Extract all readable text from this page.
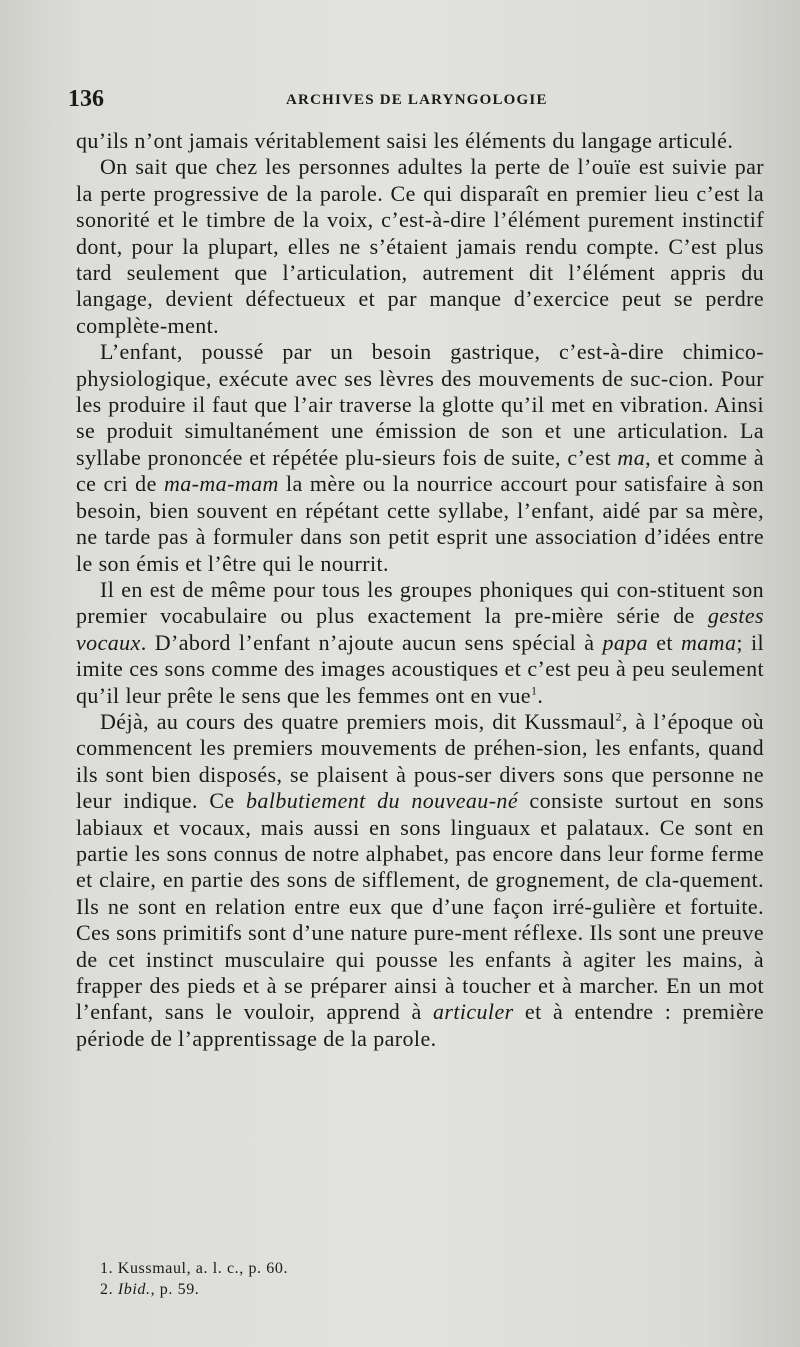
136	ARCHIVES DE LARYNGOLOGIE

qu’ils n’ont jamais véritablement saisi les éléments du langage articulé.

On sait que chez les personnes adultes la perte de l’ouïe est suivie par la perte progressive de la parole. Ce qui disparaît en premier lieu c’est la sonorité et le timbre de la voix, c’est-à-dire l’élément purement instinctif dont, pour la plupart, elles ne s’étaient jamais rendu compte. C’est plus tard seulement que l’articulation, autrement dit l’élément appris du langage, devient défectueux et par manque d’exercice peut se perdre complète-ment.

L’enfant, poussé par un besoin gastrique, c’est-à-dire chimico-physiologique, exécute avec ses lèvres des mouvements de suc-cion. Pour les produire il faut que l’air traverse la glotte qu’il met en vibration. Ainsi se produit simultanément une émission de son et une articulation. La syllabe prononcée et répétée plu-sieurs fois de suite, c’est ma, et comme à ce cri de ma-ma-mam la mère ou la nourrice accourt pour satisfaire à son besoin, bien souvent en répétant cette syllabe, l’enfant, aidé par sa mère, ne tarde pas à formuler dans son petit esprit une association d’idées entre le son émis et l’être qui le nourrit.

Il en est de même pour tous les groupes phoniques qui con-stituent son premier vocabulaire ou plus exactement la pre-mière série de gestes vocaux. D’abord l’enfant n’ajoute aucun sens spécial à papa et mama; il imite ces sons comme des images acoustiques et c’est peu à peu seulement qu’il leur prête le sens que les femmes ont en vue$^1$.

Déjà, au cours des quatre premiers mois, dit Kussmaul$^2$, à l’époque où commencent les premiers mouvements de préhen-sion, les enfants, quand ils sont bien disposés, se plaisent à pous-ser divers sons que personne ne leur indique. Ce balbutiement du nouveau-né consiste surtout en sons labiaux et vocaux, mais aussi en sons linguaux et palataux. Ce sont en partie les sons connus de notre alphabet, pas encore dans leur forme ferme et claire, en partie des sons de sifflement, de grognement, de cla-quement. Ils ne sont en relation entre eux que d’une façon irré-gulière et fortuite. Ces sons primitifs sont d’une nature pure-ment réflexe. Ils sont une preuve de cet instinct musculaire qui pousse les enfants à agiter les mains, à frapper des pieds et à se préparer ainsi à toucher et à marcher. En un mot l’enfant, sans le vouloir, apprend à articuler et à entendre : première période de l’apprentissage de la parole.

1. Kussmaul, a. l. c., p. 60.
2. Ibid., p. 59.
